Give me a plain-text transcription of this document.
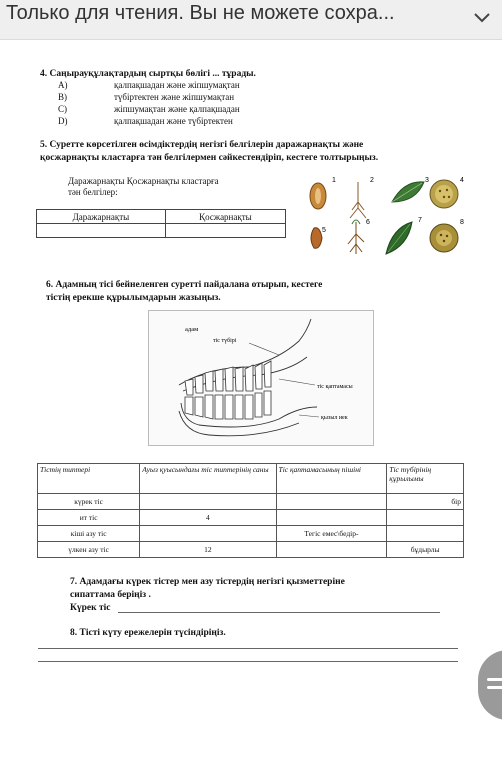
Только для чтения. Вы не можете сохра...
4. Саңырауқұлақтардың сыртқы бөлігі ... тұрады.
A)	қалпақшадан және жіпшумақтан
B)	түбіртектен және жіпшумақтан
C)	жіпшумақтан және қалпақшадан
D)	қалпақшадан және түбіртектен
5. Суретте көрсетілген өсімдіктердің негізгі белгілерін даражарнақты және
қосжарнақты кластарға тән белгілермен сәйкестендіріп, кестеге толтырыңыз.
Даражарнақты Қосжарнақты кластарға
тән белгілер:
Даражарнақты	Қосжарнақты

1	2	3	4
5
6	7	8
6. Адамның тісі бейнеленген суретті пайдалана отырып, кестеге
тістің ерекше құрылымдарын жазыңыз.
адам
тіс түбірі
тіс қаптамасы
қызыл иек
Тістің типтері	Ауыз қуысындағы тіс типтерінің саны	Тіс қаптамасының пішіні	Тіс түбірінің құрылымы
күрек тіс			бір
ит тіс	4		
кіші азу тіс		Тегіс емес\бедір-	
үлкен азу тіс	12		бұдырлы
7. Адамдағы күрек тістер мен азу тістердің негізгі қызметтеріне
сипаттама беріңіз .
Күрек тіс
8. Тісті күту ережелерін түсіндіріңіз.
